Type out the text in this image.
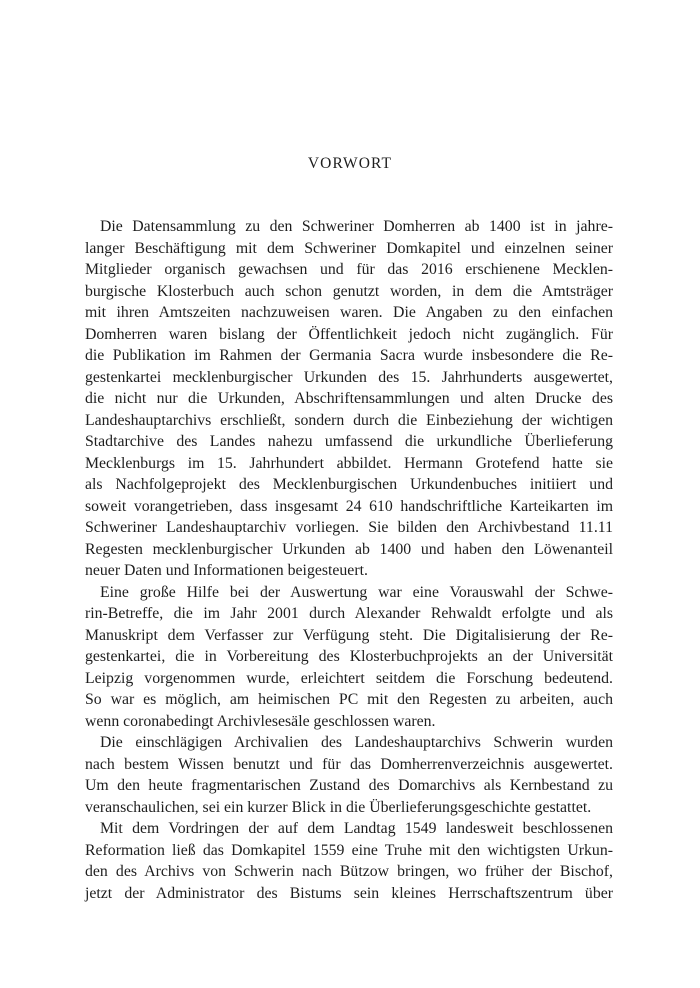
VORWORT
Die Datensammlung zu den Schweriner Domherren ab 1400 ist in jahre-
langer Beschäftigung mit dem Schweriner Domkapitel und einzelnen seiner
Mitglieder organisch gewachsen und für das 2016 erschienene Mecklen-
burgische Klosterbuch auch schon genutzt worden, in dem die Amtsträger
mit ihren Amtszeiten nachzuweisen waren. Die Angaben zu den einfachen
Domherren waren bislang der Öffentlichkeit jedoch nicht zugänglich. Für
die Publikation im Rahmen der Germania Sacra wurde insbesondere die Re-
gestenkartei mecklenburgischer Urkunden des 15. Jahrhunderts ausgewertet,
die nicht nur die Urkunden, Abschriftensammlungen und alten Drucke des
Landeshauptarchivs erschließt, sondern durch die Einbeziehung der wichtigen
Stadtarchive des Landes nahezu umfassend die urkundliche Überlieferung
Mecklenburgs im 15. Jahrhundert abbildet. Hermann Grotefend hatte sie
als Nachfolgeprojekt des Mecklenburgischen Urkundenbuches initiiert und
soweit vorangetrieben, dass insgesamt 24 610 handschriftliche Karteikarten im
Schweriner Landeshauptarchiv vorliegen. Sie bilden den Archivbestand 11.11
Regesten mecklenburgischer Urkunden ab 1400 und haben den Löwenanteil
neuer Daten und Informationen beigesteuert.
Eine große Hilfe bei der Auswertung war eine Vorauswahl der Schwe-
rin-Betreffe, die im Jahr 2001 durch Alexander Rehwaldt erfolgte und als
Manuskript dem Verfasser zur Verfügung steht. Die Digitalisierung der Re-
gestenkartei, die in Vorbereitung des Klosterbuchprojekts an der Universität
Leipzig vorgenommen wurde, erleichtert seitdem die Forschung bedeutend.
So war es möglich, am heimischen PC mit den Regesten zu arbeiten, auch
wenn coronabedingt Archivlesesäle geschlossen waren.
Die einschlägigen Archivalien des Landeshauptarchivs Schwerin wurden
nach bestem Wissen benutzt und für das Domherrenverzeichnis ausgewertet.
Um den heute fragmentarischen Zustand des Domarchivs als Kernbestand zu
veranschaulichen, sei ein kurzer Blick in die Überlieferungsgeschichte gestattet.
Mit dem Vordringen der auf dem Landtag 1549 landesweit beschlossenen
Reformation ließ das Domkapitel 1559 eine Truhe mit den wichtigsten Urkun-
den des Archivs von Schwerin nach Bützow bringen, wo früher der Bischof,
jetzt der Administrator des Bistums sein kleines Herrschaftszentrum über
